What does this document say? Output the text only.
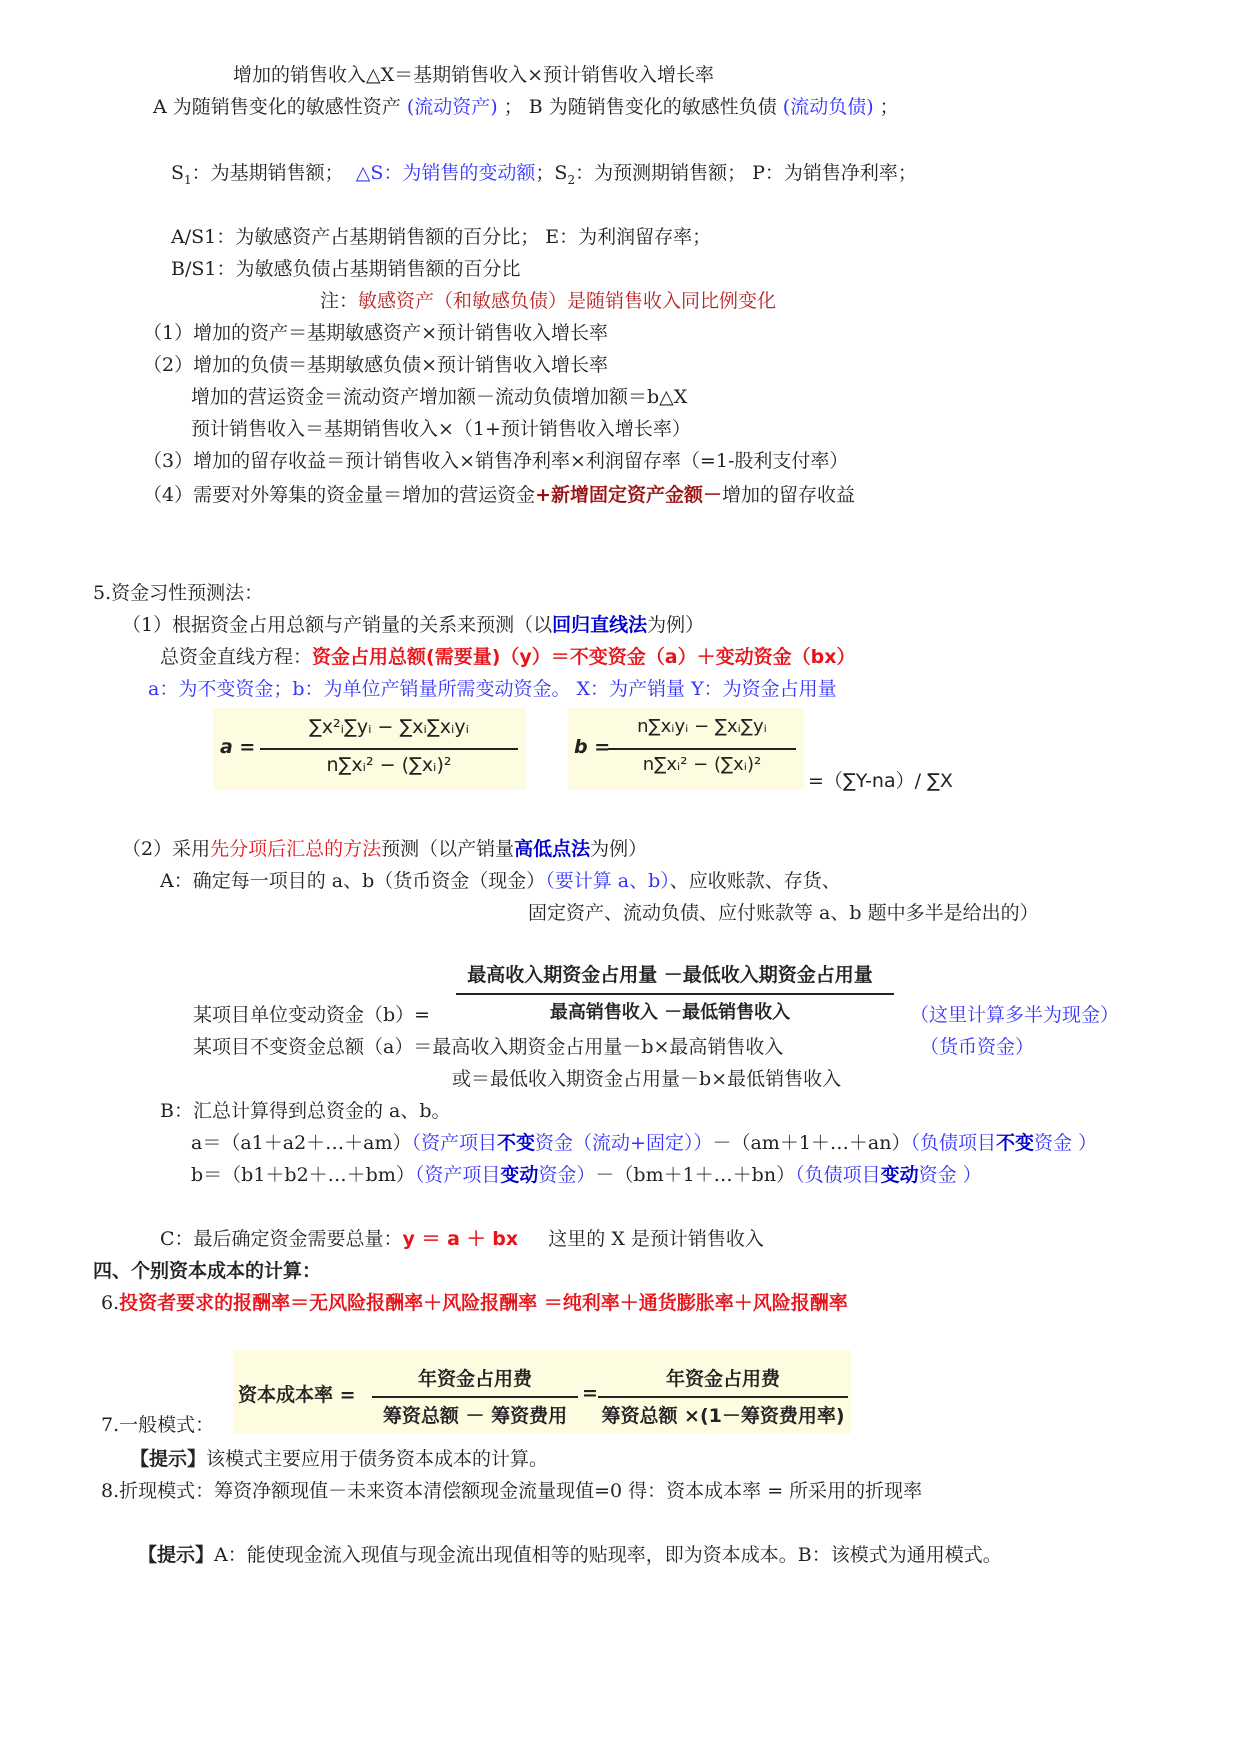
增加的销售收入△X＝基期销售收入×预计销售收入增长率
A 为随销售变化的敏感性资产 (流动资产) ； B 为随销售变化的敏感性负债 (流动负债) ；
$S_1$：为基期销售额； △S：为销售的变动额；$S_2$：为预测期销售额； P：为销售净利率；
A/S1：为敏感资产占基期销售额的百分比； E：为利润留存率；
B/S1：为敏感负债占基期销售额的百分比
注：敏感资产（和敏感负债）是随销售收入同比例变化
（1）增加的资产＝基期敏感资产×预计销售收入增长率
（2）增加的负债＝基期敏感负债×预计销售收入增长率
增加的营运资金＝流动资产增加额－流动负债增加额＝b△X
预计销售收入＝基期销售收入×（1+预计销售收入增长率）
（3）增加的留存收益＝预计销售收入×销售净利率×利润留存率（=1-股利支付率）
（4）需要对外筹集的资金量＝增加的营运资金+新增固定资产金额－增加的留存收益
5.资金习性预测法：
（1）根据资金占用总额与产销量的关系来预测（以回归直线法为例）
总资金直线方程：资金占用总额(需要量)（y）＝不变资金（a）＋变动资金（bx）
a：为不变资金；b：为单位产销量所需变动资金。 X：为产销量 Y：为资金占用量
a =
∑x²ᵢ∑yᵢ − ∑xᵢ∑xᵢyᵢ
n∑xᵢ² − (∑xᵢ)²
b =
n∑xᵢyᵢ − ∑xᵢ∑yᵢ
n∑xᵢ² − (∑xᵢ)²
=（∑Y-na）/ ∑X
（2）采用先分项后汇总的方法预测（以产销量高低点法为例）
A：确定每一项目的 a、b（货币资金（现金）（要计算 a、b）、应收账款、存货、
固定资产、流动负债、应付账款等 a、b 题中多半是给出的）
最高收入期资金占用量 －最低收入期资金占用量
最高销售收入 －最低销售收入
某项目单位变动资金（b）=	（这里计算多半为现金）
某项目不变资金总额（a）＝最高收入期资金占用量－b×最高销售收入	（货币资金）
或＝最低收入期资金占用量－b×最低销售收入
B：汇总计算得到总资金的 a、b。
a＝（a1＋a2＋…＋am）（资产项目不变资金（流动+固定））－（am＋1＋…＋an）（负债项目不变资金 ）
b＝（b1＋b2＋…＋bm）（资产项目变动资金）－（bm＋1＋…＋bn）（负债项目变动资金 ）
C：最后确定资金需要总量：y ＝ a ＋ bx 这里的 X 是预计销售收入
四、个别资本成本的计算：
6.投资者要求的报酬率＝无风险报酬率＋风险报酬率 ＝纯利率＋通货膨胀率＋风险报酬率
资本成本率 =
年资金占用费
筹资总额 － 筹资费用
=
年资金占用费
筹资总额 ×(1－筹资费用率)
7.一般模式：
【提示】该模式主要应用于债务资本成本的计算。
8.折现模式：筹资净额现值－未来资本清偿额现金流量现值=0 得：资本成本率 = 所采用的折现率
【提示】A：能使现金流入现值与现金流出现值相等的贴现率，即为资本成本。B：该模式为通用模式。
